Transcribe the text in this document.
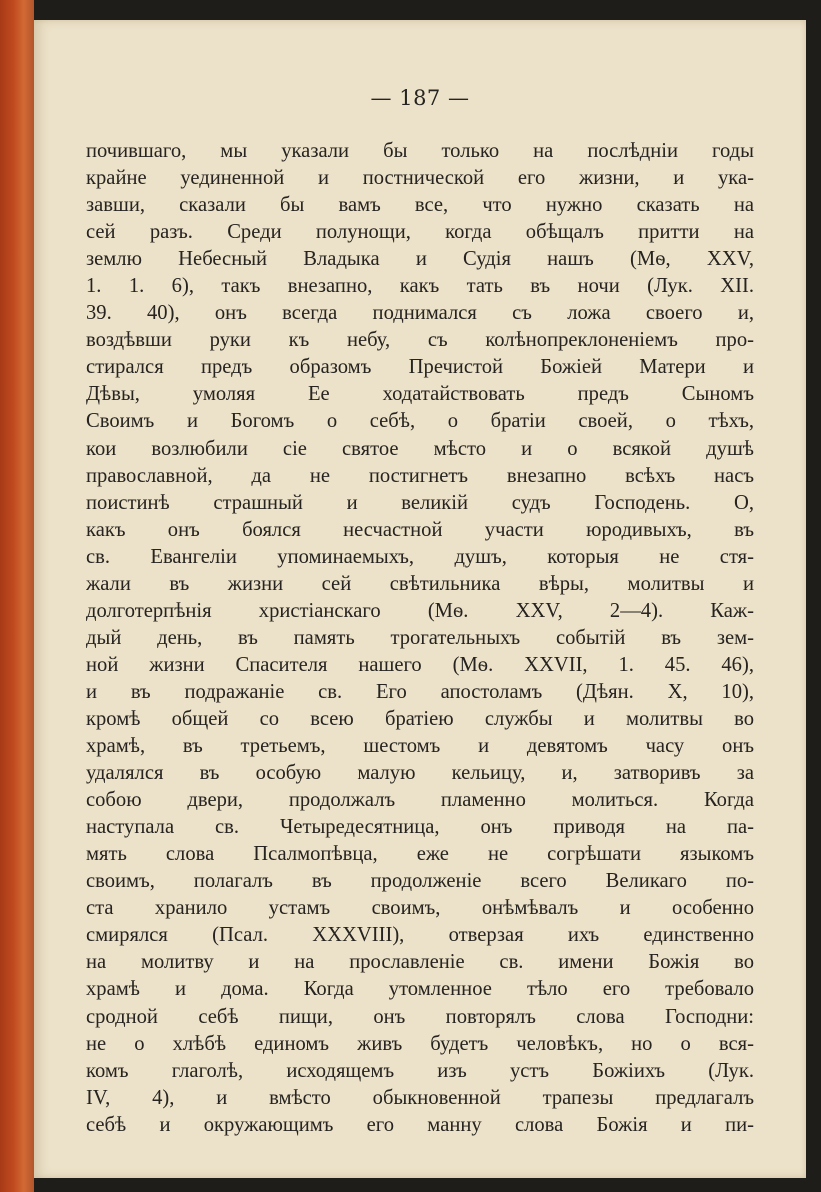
— 187 —
почившаго, мы указали бы только на послѣднiи годы
крайне уединенной и постнической его жизни, и ука-
завши, сказали бы вамъ все, что нужно сказать на
сей разъ. Среди полунощи, когда обѣщалъ притти на
землю Небесный Владыка и Судiя нашъ (Мѳ, XXV,
1. 1. 6), такъ внезапно, какъ тать въ ночи (Лук. XII.
39. 40), онъ всегда поднимался съ ложа своего и,
воздѣвши руки къ небу, съ колѣнопреклоненiемъ про-
стирался предъ образомъ Пречистой Божiей Матери и
Дѣвы, умоляя Ее ходатайствовать предъ Сыномъ
Своимъ и Богомъ о себѣ, о братiи своей, о тѣхъ,
кои возлюбили сiе святое мѣсто и о всякой душѣ
православной, да не постигнетъ внезапно всѣхъ насъ
поистинѣ страшный и великiй судъ Господень. О,
какъ онъ боялся несчастной участи юродивыхъ, въ
св. Евангелiи упоминаемыхъ, душъ, которыя не стя-
жали въ жизни сей свѣтильника вѣры, молитвы и
долготерпѣнiя христiанскаго (Мѳ. XXV, 2—4). Каж-
дый день, въ память трогательныхъ событiй въ зем-
ной жизни Спасителя нашего (Мѳ. XXVII, 1. 45. 46),
и въ подражанiе св. Его апостоламъ (Дѣян. X, 10),
кромѣ общей со всею братiею службы и молитвы во
храмѣ, въ третьемъ, шестомъ и девятомъ часу онъ
удалялся въ особую малую кельицу, и, затворивъ за
собою двери, продолжалъ пламенно молиться. Когда
наступала св. Четыредесятница, онъ приводя на па-
мять слова Псалмопѣвца, еже не согрѣшати языкомъ
своимъ, полагалъ въ продолженiе всего Великаго по-
ста хранило устамъ своимъ, онѣмѣвалъ и особенно
смирялся (Псал. XXXVIII), отверзая ихъ единственно
на молитву и на прославленiе св. имени Божiя во
храмѣ и дома. Когда утомленное тѣло его требовало
сродной себѣ пищи, онъ повторялъ слова Господни:
не о хлѣбѣ единомъ живъ будетъ человѣкъ, но о вся-
комъ глаголѣ, исходящемъ изъ устъ Божiихъ (Лук.
IV, 4), и вмѣсто обыкновенной трапезы предлагалъ
себѣ и окружающимъ его манну слова Божiя и пи-
